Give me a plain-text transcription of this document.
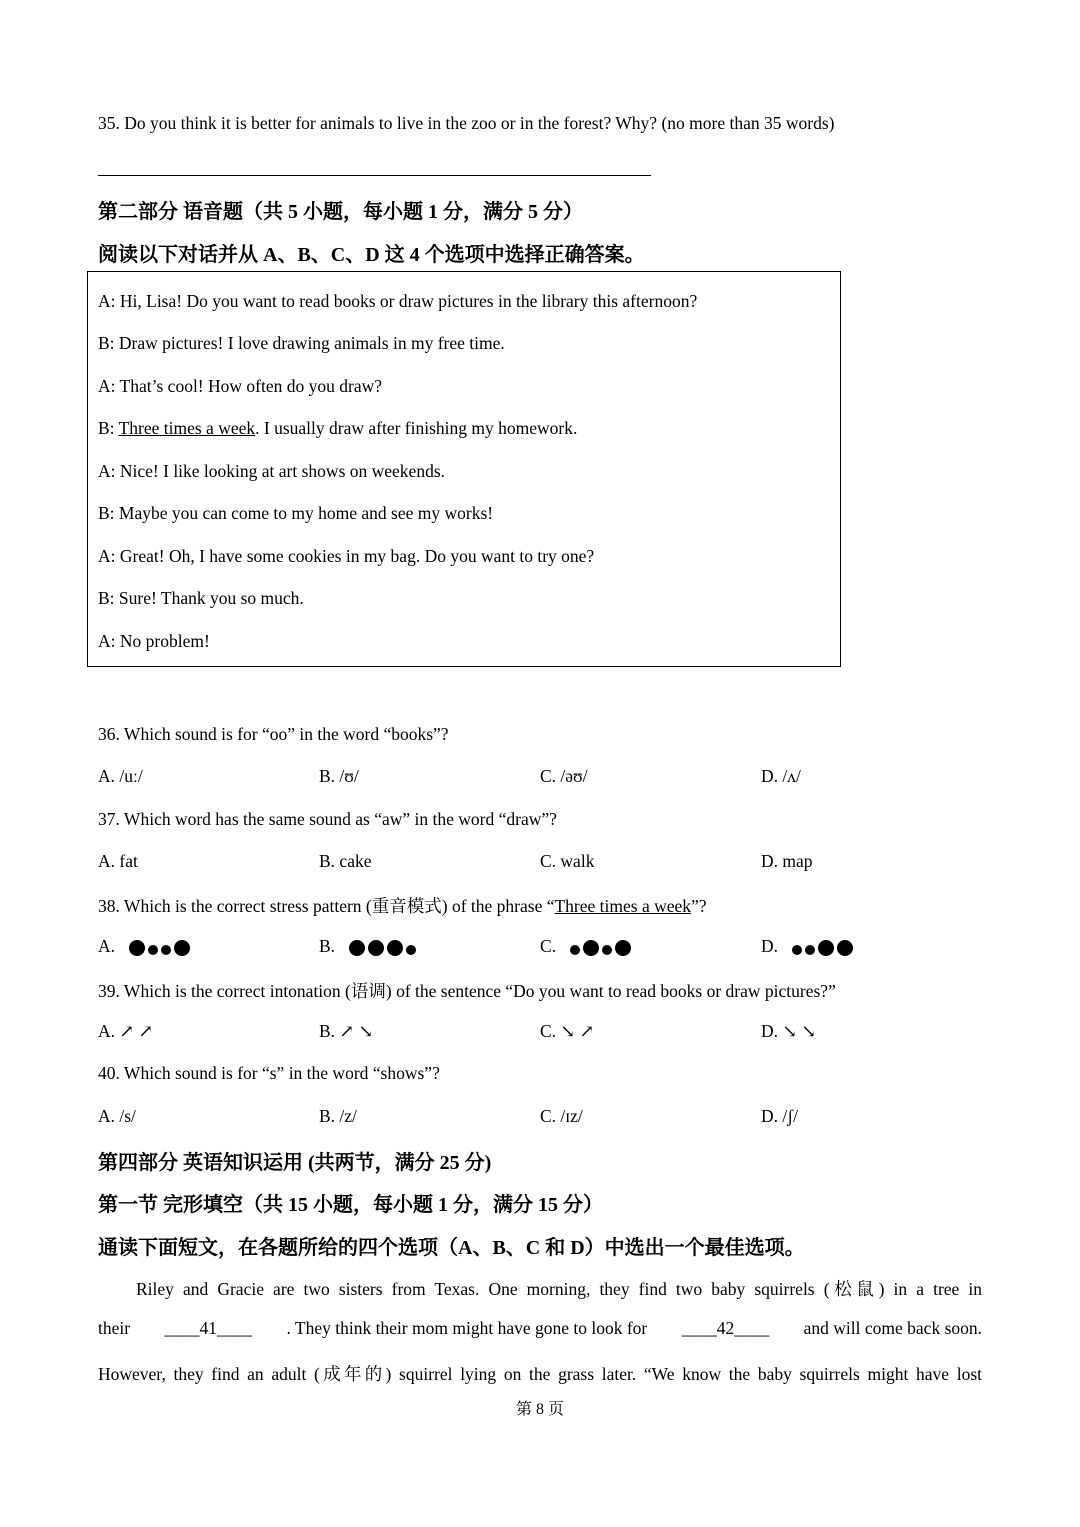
35. Do you think it is better for animals to live in the zoo or in the forest? Why? (no more than 35 words)
第二部分 语音题（共 5 小题，每小题 1 分，满分 5 分）
阅读以下对话并从 A、B、C、D 这 4 个选项中选择正确答案。
A: Hi, Lisa! Do you want to read books or draw pictures in the library this afternoon?
B: Draw pictures! I love drawing animals in my free time.
A: That’s cool! How often do you draw?
B: Three times a week. I usually draw after finishing my homework.
A: Nice! I like looking at art shows on weekends.
B: Maybe you can come to my home and see my works!
A: Great! Oh, I have some cookies in my bag. Do you want to try one?
B: Sure! Thank you so much.
A: No problem!
36. Which sound is for “oo” in the word “books”?
A. /uː/	B. /ʊ/	C. /əʊ/	D. /ʌ/
37. Which word has the same sound as “aw” in the word “draw”?
A. fat	B. cake	C. walk	D. map
38. Which is the correct stress pattern (重音模式) of the phrase “Three times a week”?
A.	B.	C.	D.
39. Which is the correct intonation (语调) of the sentence “Do you want to read books or draw pictures?”
A. ↗ ↗	B. ↗ ↘	C. ↘ ↗	D. ↘ ↘
40. Which sound is for “s” in the word “shows”?
A. /s/	B. /z/	C. /ɪz/	D. /ʃ/
第四部分 英语知识运用 (共两节，满分 25 分)
第一节 完形填空（共 15 小题，每小题 1 分，满分 15 分）
通读下面短文，在各题所给的四个选项（A、B、C 和 D）中选出一个最佳选项。
Riley and Gracie are two sisters from Texas. One morning, they find two baby squirrels (松鼠) in a tree in
their ____41____ . They think their mom might have gone to look for ____42____ and will come back soon.
However, they find an adult (成年的) squirrel lying on the grass later. “We know the baby squirrels might have lost
第 8 页
